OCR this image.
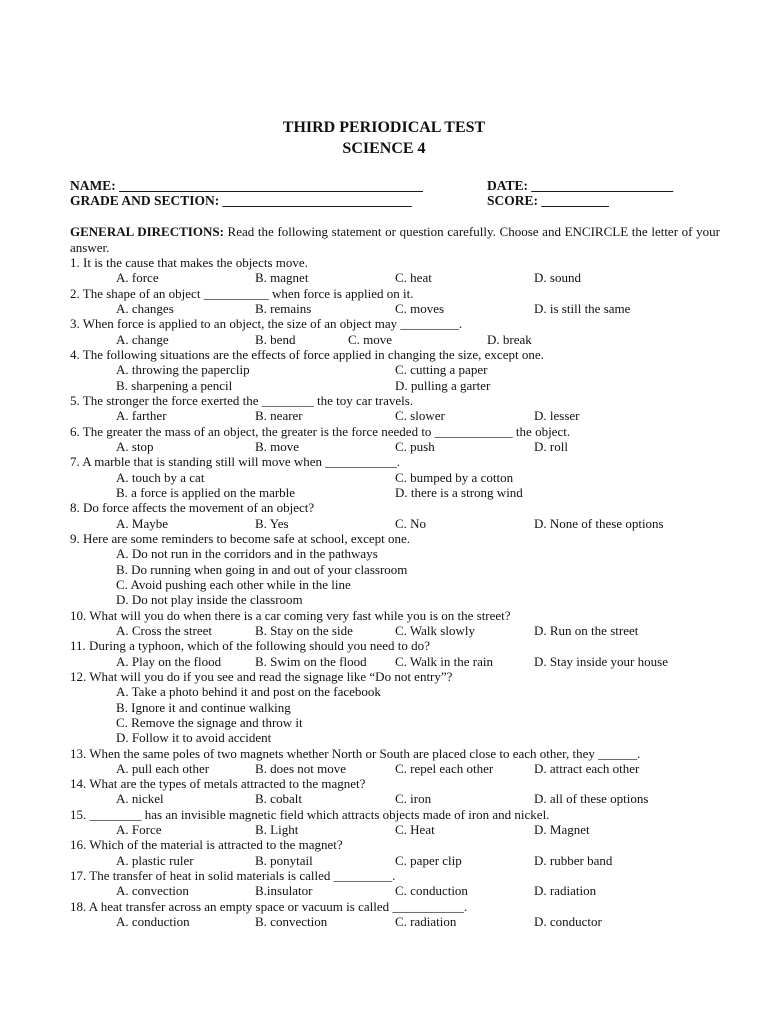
THIRD PERIODICAL TEST
SCIENCE 4
NAME: _____________________________________________	DATE: _____________________
GRADE AND SECTION: ____________________________	SCORE: __________
GENERAL DIRECTIONS: Read the following statement or question carefully. Choose and ENCIRCLE the letter of your answer.
1. It is the cause that makes the objects move.
A. force	B. magnet	C. heat	D. sound
2. The shape of an object __________ when force is applied on it.
A. changes	B. remains	C. moves	D. is still the same
3. When force is applied to an object, the size of an object may _________.
A. change	B. bend	C. move	D. break
4. The following situations are the effects of force applied in changing the size, except one.
A. throwing the paperclip	C. cutting a paper
B. sharpening a pencil	D. pulling a garter
5. The stronger the force exerted the ________ the toy car travels.
A. farther	B. nearer	C. slower	D. lesser
6. The greater the mass of an object, the greater is the force needed to ____________ the object.
A. stop	B. move	C. push	D. roll
7. A marble that is standing still will move when ___________.
A. touch by a cat	C. bumped by a cotton
B. a force is applied on the marble	D. there is a strong wind
8. Do force affects the movement of an object?
A. Maybe	B. Yes	C. No	D. None of these options
9. Here are some reminders to become safe at school, except one.
A. Do not run in the corridors and in the pathways
B. Do running when going in and out of your classroom
C. Avoid pushing each other while in the line
D. Do not play inside the classroom
10. What will you do when there is a car coming very fast while you is on the street?
A. Cross the street	B. Stay on the side	C. Walk slowly	D. Run on the street
11. During a typhoon, which of the following should you need to do?
A. Play on the flood	B. Swim on the flood C. Walk in the rain	D. Stay inside your house
12. What will you do if you see and read the signage like “Do not entry”?
A. Take a photo behind it and post on the facebook
B. Ignore it and continue walking
C. Remove the signage and throw it
D. Follow it to avoid accident
13. When the same poles of two magnets whether North or South are placed close to each other, they ______.
A. pull each other	B. does not move	C. repel each other	D. attract each other
14. What are the types of metals attracted to the magnet?
A. nickel	B. cobalt	C. iron	D. all of these options
15. ________ has an invisible magnetic field which attracts objects made of iron and nickel.
A. Force	B. Light	C. Heat	D. Magnet
16. Which of the material is attracted to the magnet?
A. plastic ruler	B. ponytail	C. paper clip	D. rubber band
17. The transfer of heat in solid materials is called _________.
A. convection	B.insulator	C. conduction	D. radiation
18. A heat transfer across an empty space or vacuum is called ___________.
A. conduction	B. convection	C. radiation	D. conductor
